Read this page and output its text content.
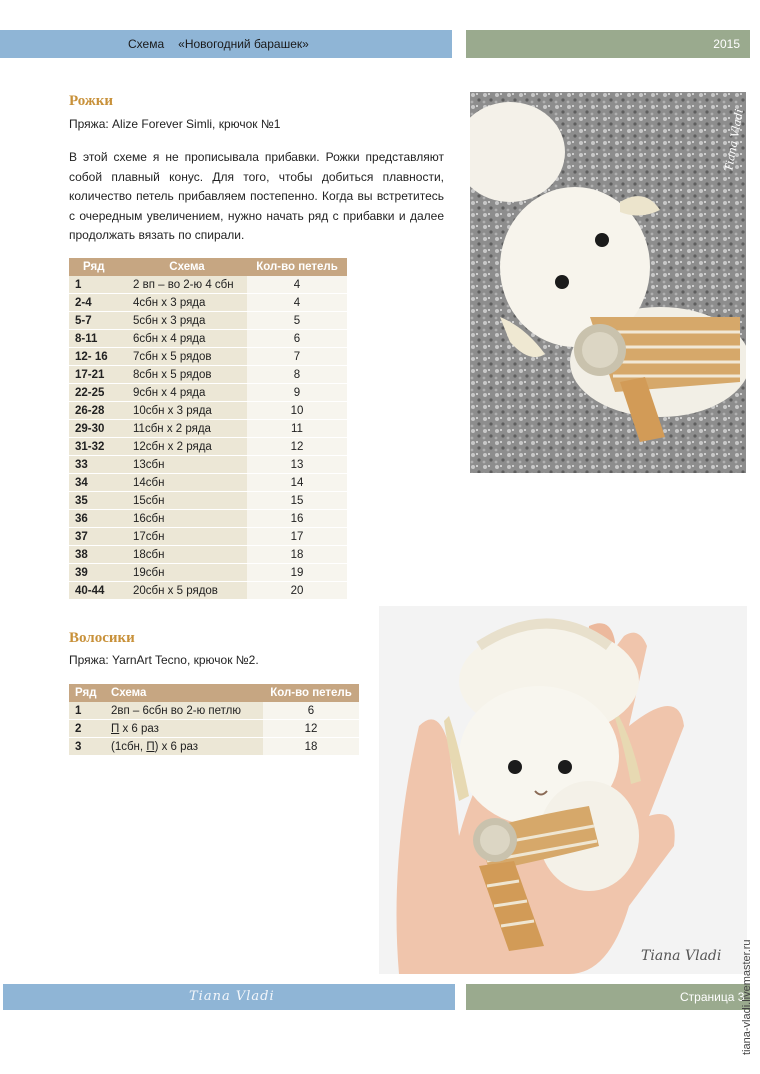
Схема «Новогодний барашек»	2015
Рожки
Пряжа: Alize Forever Simli, крючок №1
В этой схеме я не прописывала прибавки. Рожки представляют собой плавный конус. Для того, чтобы добиться плавности, количество петель прибавляем постепенно. Когда вы встретитесь с очередным увеличением, нужно начать ряд с прибавки и далее продолжать вязать по спирали.
Ряд	Схема	Кол-во петель
1	2 вп – во 2-ю 4 сбн	4
2-4	4сбн х 3 ряда	4
5-7	5сбн х 3 ряда	5
8-11	6сбн х 4 ряда	6
12- 16	7сбн х 5 рядов	7
17-21	8сбн х 5 рядов	8
22-25	9сбн х 4 ряда	9
26-28	10сбн х 3 ряда	10
29-30	11сбн х 2 ряда	11
31-32	12сбн х 2 ряда	12
33	13сбн	13
34	14сбн	14
35	15сбн	15
36	16сбн	16
37	17сбн	17
38	18сбн	18
39	19сбн	19
40-44	20сбн х 5 рядов	20
Tiana Vladi
Волосики
Пряжа: YarnArt Tecno, крючок №2.
Ряд	Схема	Кол-во петель
1	2вп – 6сбн во 2-ю петлю	6
2	П х 6 раз	12
3	(1сбн, П) х 6 раз	18
Tiana Vladi
Tiana Vladi	Страница 3
tiana-vladi.livemaster.ru
